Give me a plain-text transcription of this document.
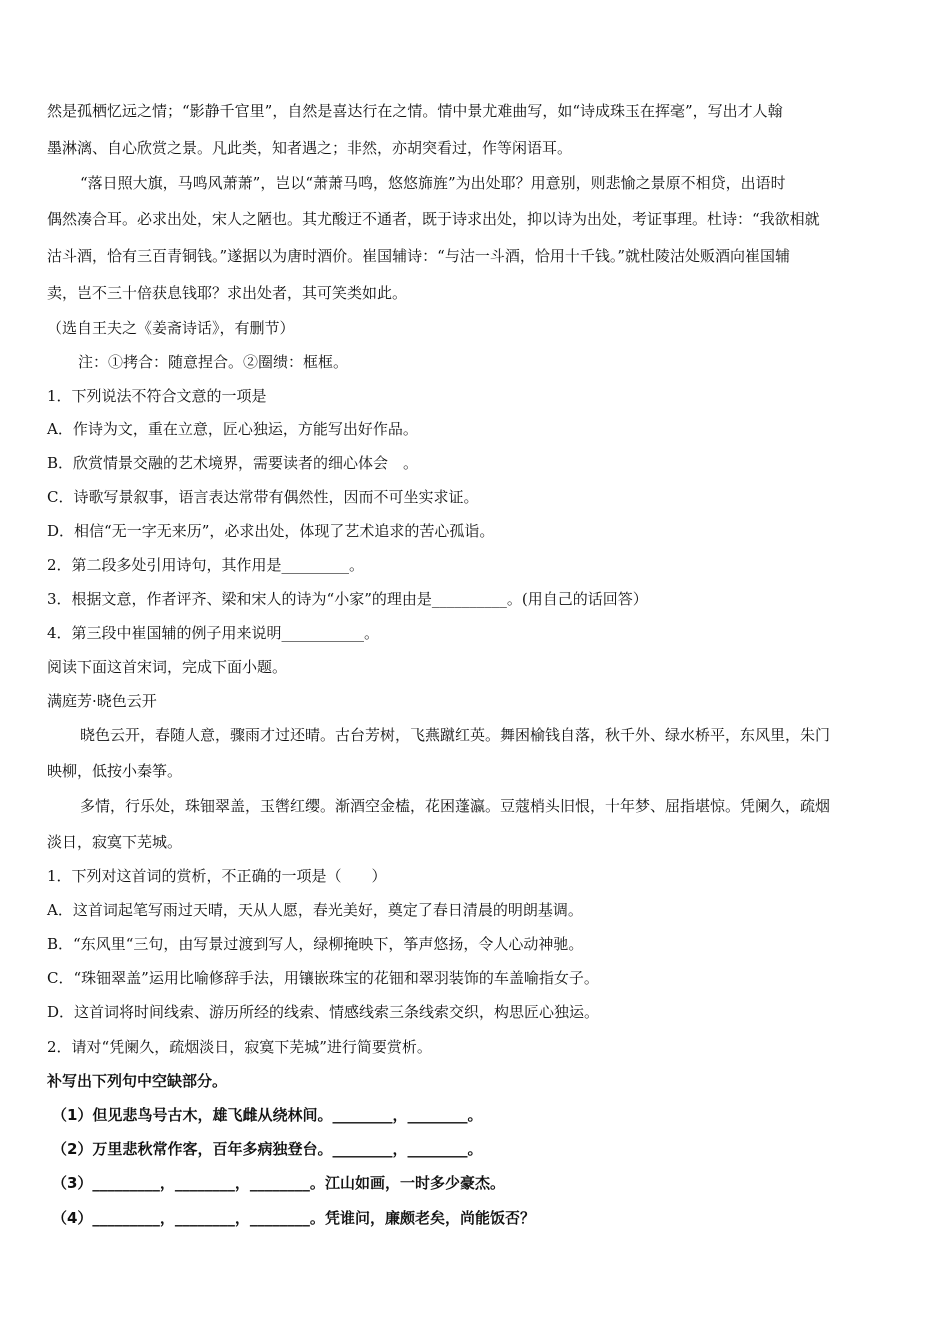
然是孤栖忆远之情；“影静千官里”，自然是喜达行在之情。情中景尤难曲写，如“诗成珠玉在挥毫”，写出才人翰
墨淋漓、自心欣赏之景。凡此类，知者遇之；非然，亦胡突看过，作等闲语耳。
“落日照大旗，马鸣风萧萧”，岂以“萧萧马鸣，悠悠旆旌”为出处耶？用意别，则悲愉之景原不相贷，出语时
偶然凑合耳。必求出处，宋人之陋也。其尤酸迂不通者，既于诗求出处，抑以诗为出处，考证事理。杜诗：“我欲相就
沽斗酒，恰有三百青铜钱。”遂据以为唐时酒价。崔国辅诗：“与沽一斗酒，恰用十千钱。”就杜陵沽处贩酒向崔国辅
卖，岂不三十倍获息钱耶？求出处者，其可笑类如此。
（选自王夫之《姜斋诗话》，有删节）
注：①拷合：随意捏合。②圈缋：框框。
1．下列说法不符合文意的一项是
A．作诗为文，重在立意，匠心独运，方能写出好作品。
B．欣赏情景交融的艺术境界，需要读者的细心体会　。
C．诗歌写景叙事，语言表达常带有偶然性，因而不可坐实求证。
D．相信“无一字无来历”，必求出处，体现了艺术追求的苦心孤诣。
2．第二段多处引用诗句，其作用是_________。
3．根据文意，作者评齐、梁和宋人的诗为“小家”的理由是__________。(用自己的话回答）
4．第三段中崔国辅的例子用来说明___________。
阅读下面这首宋词，完成下面小题。
满庭芳·晓色云开
晓色云开，春随人意，骤雨才过还晴。古台芳树，飞燕蹴红英。舞困榆钱自落，秋千外、绿水桥平，东风里，朱门
映柳，低按小秦筝。
多情，行乐处，珠钿翠盖，玉辔红缨。渐酒空金榼，花困蓬瀛。豆蔻梢头旧恨，十年梦、屈指堪惊。凭阑久，疏烟
淡日，寂寞下芜城。
1．下列对这首词的赏析，不正确的一项是（　　）
A．这首词起笔写雨过天晴，天从人愿，春光美好，奠定了春日清晨的明朗基调。
B．“东风里“三句，由写景过渡到写人，绿柳掩映下，筝声悠扬，令人心动神驰。
C．“珠钿翠盖”运用比喻修辞手法，用镶嵌珠宝的花钿和翠羽装饰的车盖喻指女子。
D．这首词将时间线索、游历所经的线索、情感线索三条线索交织，构思匠心独运。
2．请对“凭阑久，疏烟淡日，寂寞下芜城”进行简要赏析。
补写出下列句中空缺部分。
（1）但见悲鸟号古木，雄飞雌从绕林间。________，________。
（2）万里悲秋常作客，百年多病独登台。________，________。
（3）_________，________，________。江山如画，一时多少豪杰。
（4）_________，________，________。凭谁问，廉颇老矣，尚能饭否？
